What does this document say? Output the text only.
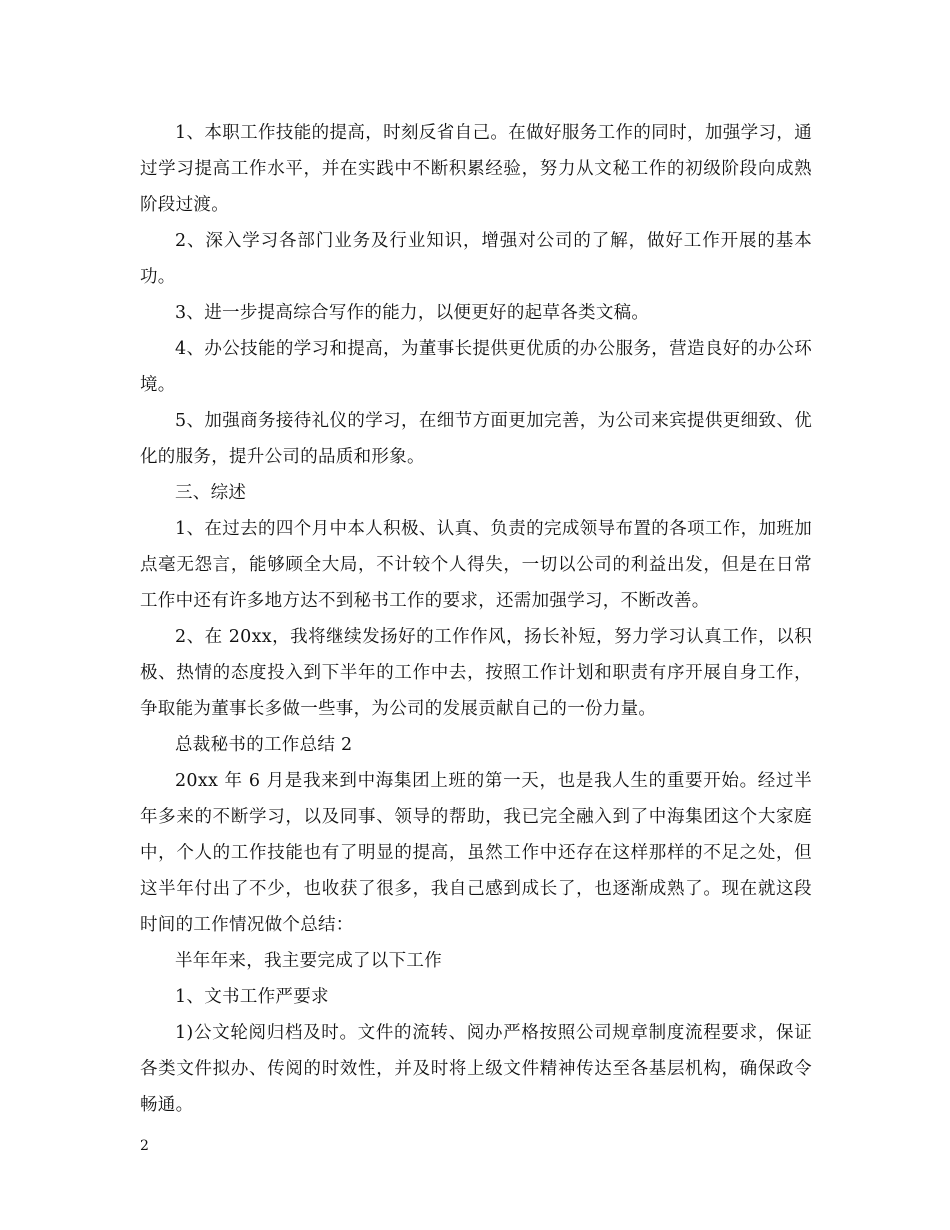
1、本职工作技能的提高，时刻反省自己。在做好服务工作的同时，加强学习，通过学习提高工作水平，并在实践中不断积累经验，努力从文秘工作的初级阶段向成熟阶段过渡。

2、深入学习各部门业务及行业知识，增强对公司的了解，做好工作开展的基本功。

3、进一步提高综合写作的能力，以便更好的起草各类文稿。

4、办公技能的学习和提高，为董事长提供更优质的办公服务，营造良好的办公环境。

5、加强商务接待礼仪的学习，在细节方面更加完善，为公司来宾提供更细致、优化的服务，提升公司的品质和形象。

三、综述

1、在过去的四个月中本人积极、认真、负责的完成领导布置的各项工作，加班加点毫无怨言，能够顾全大局，不计较个人得失，一切以公司的利益出发，但是在日常工作中还有许多地方达不到秘书工作的要求，还需加强学习，不断改善。

2、在 20xx，我将继续发扬好的工作作风，扬长补短，努力学习认真工作，以积极、热情的态度投入到下半年的工作中去，按照工作计划和职责有序开展自身工作，争取能为董事长多做一些事，为公司的发展贡献自己的一份力量。

总裁秘书的工作总结 2

20xx 年 6 月是我来到中海集团上班的第一天，也是我人生的重要开始。经过半年多来的不断学习，以及同事、领导的帮助，我已完全融入到了中海集团这个大家庭中，个人的工作技能也有了明显的提高，虽然工作中还存在这样那样的不足之处，但这半年付出了不少，也收获了很多，我自己感到成长了，也逐渐成熟了。现在就这段时间的工作情况做个总结：

半年年来，我主要完成了以下工作

1、文书工作严要求

1)公文轮阅归档及时。文件的流转、阅办严格按照公司规章制度流程要求，保证各类文件拟办、传阅的时效性，并及时将上级文件精神传达至各基层机构，确保政令畅通。

2
